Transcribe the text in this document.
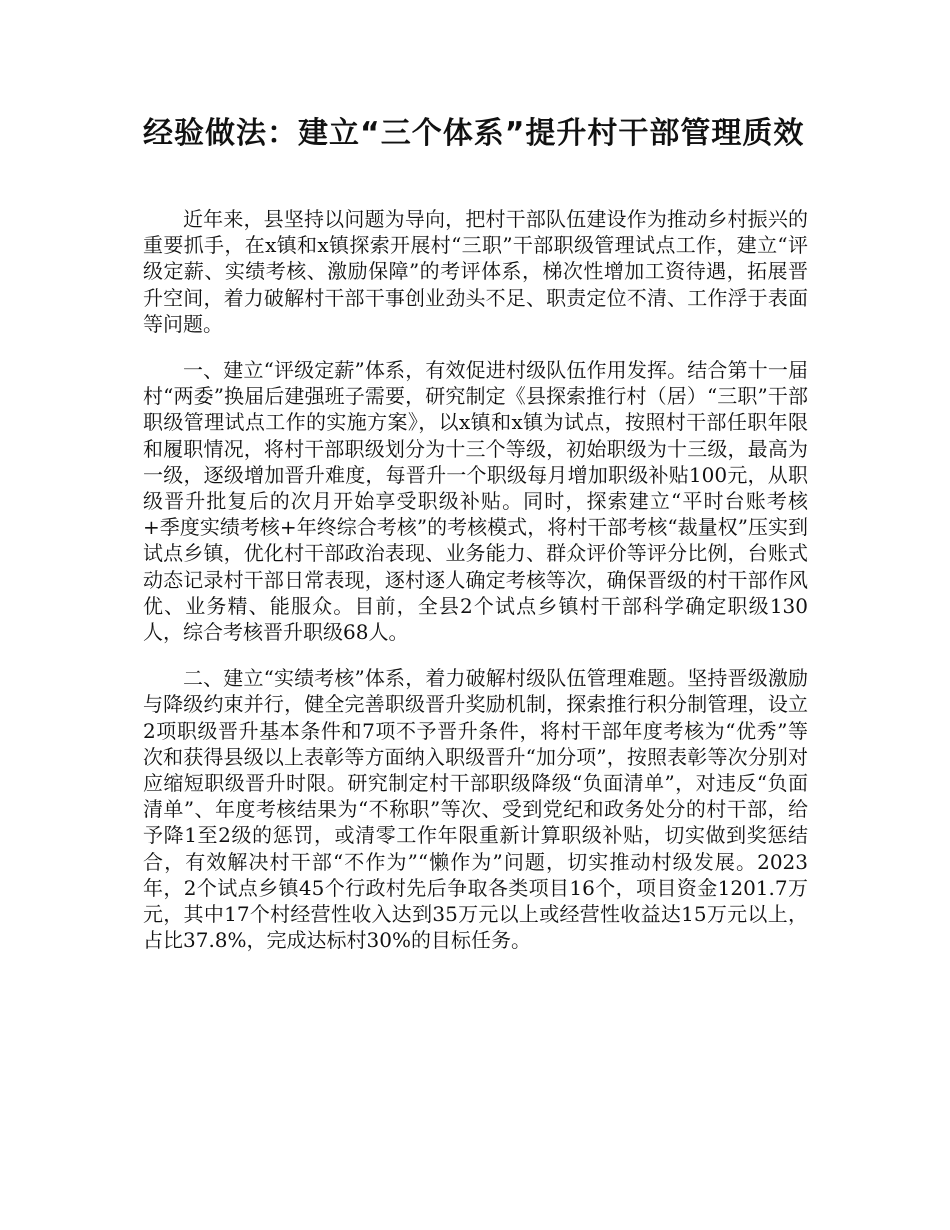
经验做法：建立“三个体系”提升村干部管理质效

近年来，县坚持以问题为导向，把村干部队伍建设作为推动乡村振兴的重要抓手，在x镇和x镇探索开展村“三职”干部职级管理试点工作，建立“评级定薪、实绩考核、激励保障”的考评体系，梯次性增加工资待遇，拓展晋升空间，着力破解村干部干事创业劲头不足、职责定位不清、工作浮于表面等问题。

一、建立“评级定薪”体系，有效促进村级队伍作用发挥。结合第十一届村“两委”换届后建强班子需要，研究制定《县探索推行村（居）“三职”干部职级管理试点工作的实施方案》，以x镇和x镇为试点，按照村干部任职年限和履职情况，将村干部职级划分为十三个等级，初始职级为十三级，最高为一级，逐级增加晋升难度，每晋升一个职级每月增加职级补贴100元，从职级晋升批复后的次月开始享受职级补贴。同时，探索建立“平时台账考核+季度实绩考核+年终综合考核”的考核模式，将村干部考核“裁量权”压实到试点乡镇，优化村干部政治表现、业务能力、群众评价等评分比例，台账式动态记录村干部日常表现，逐村逐人确定考核等次，确保晋级的村干部作风优、业务精、能服众。目前，全县2个试点乡镇村干部科学确定职级130人，综合考核晋升职级68人。

二、建立“实绩考核”体系，着力破解村级队伍管理难题。坚持晋级激励与降级约束并行，健全完善职级晋升奖励机制，探索推行积分制管理，设立2项职级晋升基本条件和7项不予晋升条件，将村干部年度考核为“优秀”等次和获得县级以上表彰等方面纳入职级晋升“加分项”，按照表彰等次分别对应缩短职级晋升时限。研究制定村干部职级降级“负面清单”，对违反“负面清单”、年度考核结果为“不称职”等次、受到党纪和政务处分的村干部，给予降1至2级的惩罚，或清零工作年限重新计算职级补贴，切实做到奖惩结合，有效解决村干部“不作为”“懒作为”问题，切实推动村级发展。2023年，2个试点乡镇45个行政村先后争取各类项目16个，项目资金1201.7万元，其中17个村经营性收入达到35万元以上或经营性收益达15万元以上，占比37.8%，完成达标村30%的目标任务。
